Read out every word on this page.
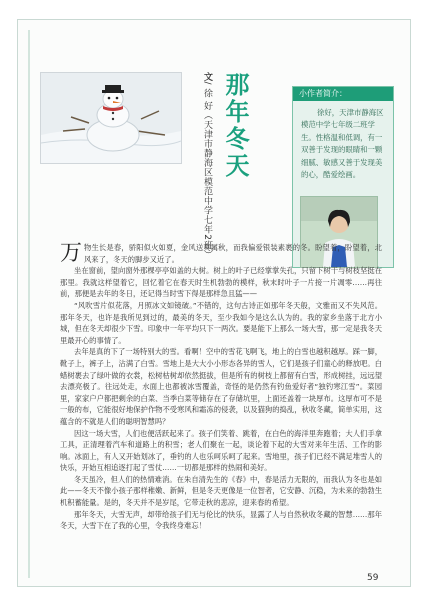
那年冬天
文/ 徐 好（天津市静海区模范中学七年2班）	小作者简介：
徐好，天津市静海区模范中学七年级二班学生。性格温和低调，有一双善于发现的眼睛和一颗细腻、敏感又善于发现美的心，酷爱绘画。

万物生长是春，骄阳似火如夏，金风送爽属秋，而我偏爱银装素裹的冬。盼望着，盼望着，北风来了，冬天的脚步又近了。

坐在窗前，望向窗外那棵亭亭如盖的大树。树上的叶子已经掌掌失孔，只留下树干与树枝坚挺在那里。我就这样望着它，回忆着它在春天时生机勃勃的模样，秋末时叶子一片接一片凋零……再往前，那便是去年的冬日，还记得当时雪下得是那样急且猛——

“风吹雪片似花落，月照冰文如镜破。”不错的，这句古诗正如那年冬天般，文雅而又不失风范。那年冬天，也许是我所见到过的，最美的冬天，至少我如今是这么认为的。我的家乡坐落于北方小城，但在冬天却很少下雪。印象中一年平均只下一两次。要是能下上那么一场大雪，那一定是我冬天里最开心的事情了。

去年是真的下了一场特别大的雪。看啊！空中的雪花飞啊飞，地上的白雪也越积越厚。踩一脚，靴子上，裤子上，沾满了白雪。雪地上是大大小小形态各异的雪人，它们是孩子们童心的释放吧。白蜡树裹去了绿叶做的衣裳，松树枯树却依然挺拔，但是所有的树枝上都留有白雪，形成树挂，远远望去漂亮极了。往远处走，水面上也都被冰雪覆盖，奇怪的是仍然有钓鱼爱好者“独钓寒江雪”。菜园里，家家户户都把剩余的白菜、当季白菜等储存在了存储坑里，上面还盖着一块厚布。这厚布可不是一般的布，它能很好地保护作物不受寒风和霜冻的侵袭，以及猫狗的捣乱，秋收冬藏，简单实用，这蕴含的不就是人们的聪明智慧吗？

因这一场大雪，人们也便活跃起来了。孩子们笑着、跳着，在白色的海洋里奔跑着；大人们手拿工具，正清理着汽车和道路上的积雪；老人们聚在一起，谈论着下起的大雪对来年生活、工作的影响。冰面上，有人又开始划冰了，垂钓的人也乐呵乐呵了起来。雪地里，孩子们已经不满足堆雪人的快乐，开始互相追逐打起了雪仗……一切都是那样的热闹和美好。

冬天虽冷，但人们的热情难消。在朱自清先生的《春》中，春是活力无限的，而我认为冬也是如此——冬天不像小孩子那样稚嫩、新鲜，但是冬天更像是一位智者，它安静、沉稳，为未来的勃勃生机积蓄能量。是的，冬天并不是岁尾，它带走秋的悲凉，迎来春的希望。

那年冬天，大雪无声，却带给孩子们无与伦比的快乐，显露了人与自然秋收冬藏的智慧……那年冬天，大雪下在了我的心里，令我终身难忘！

59
